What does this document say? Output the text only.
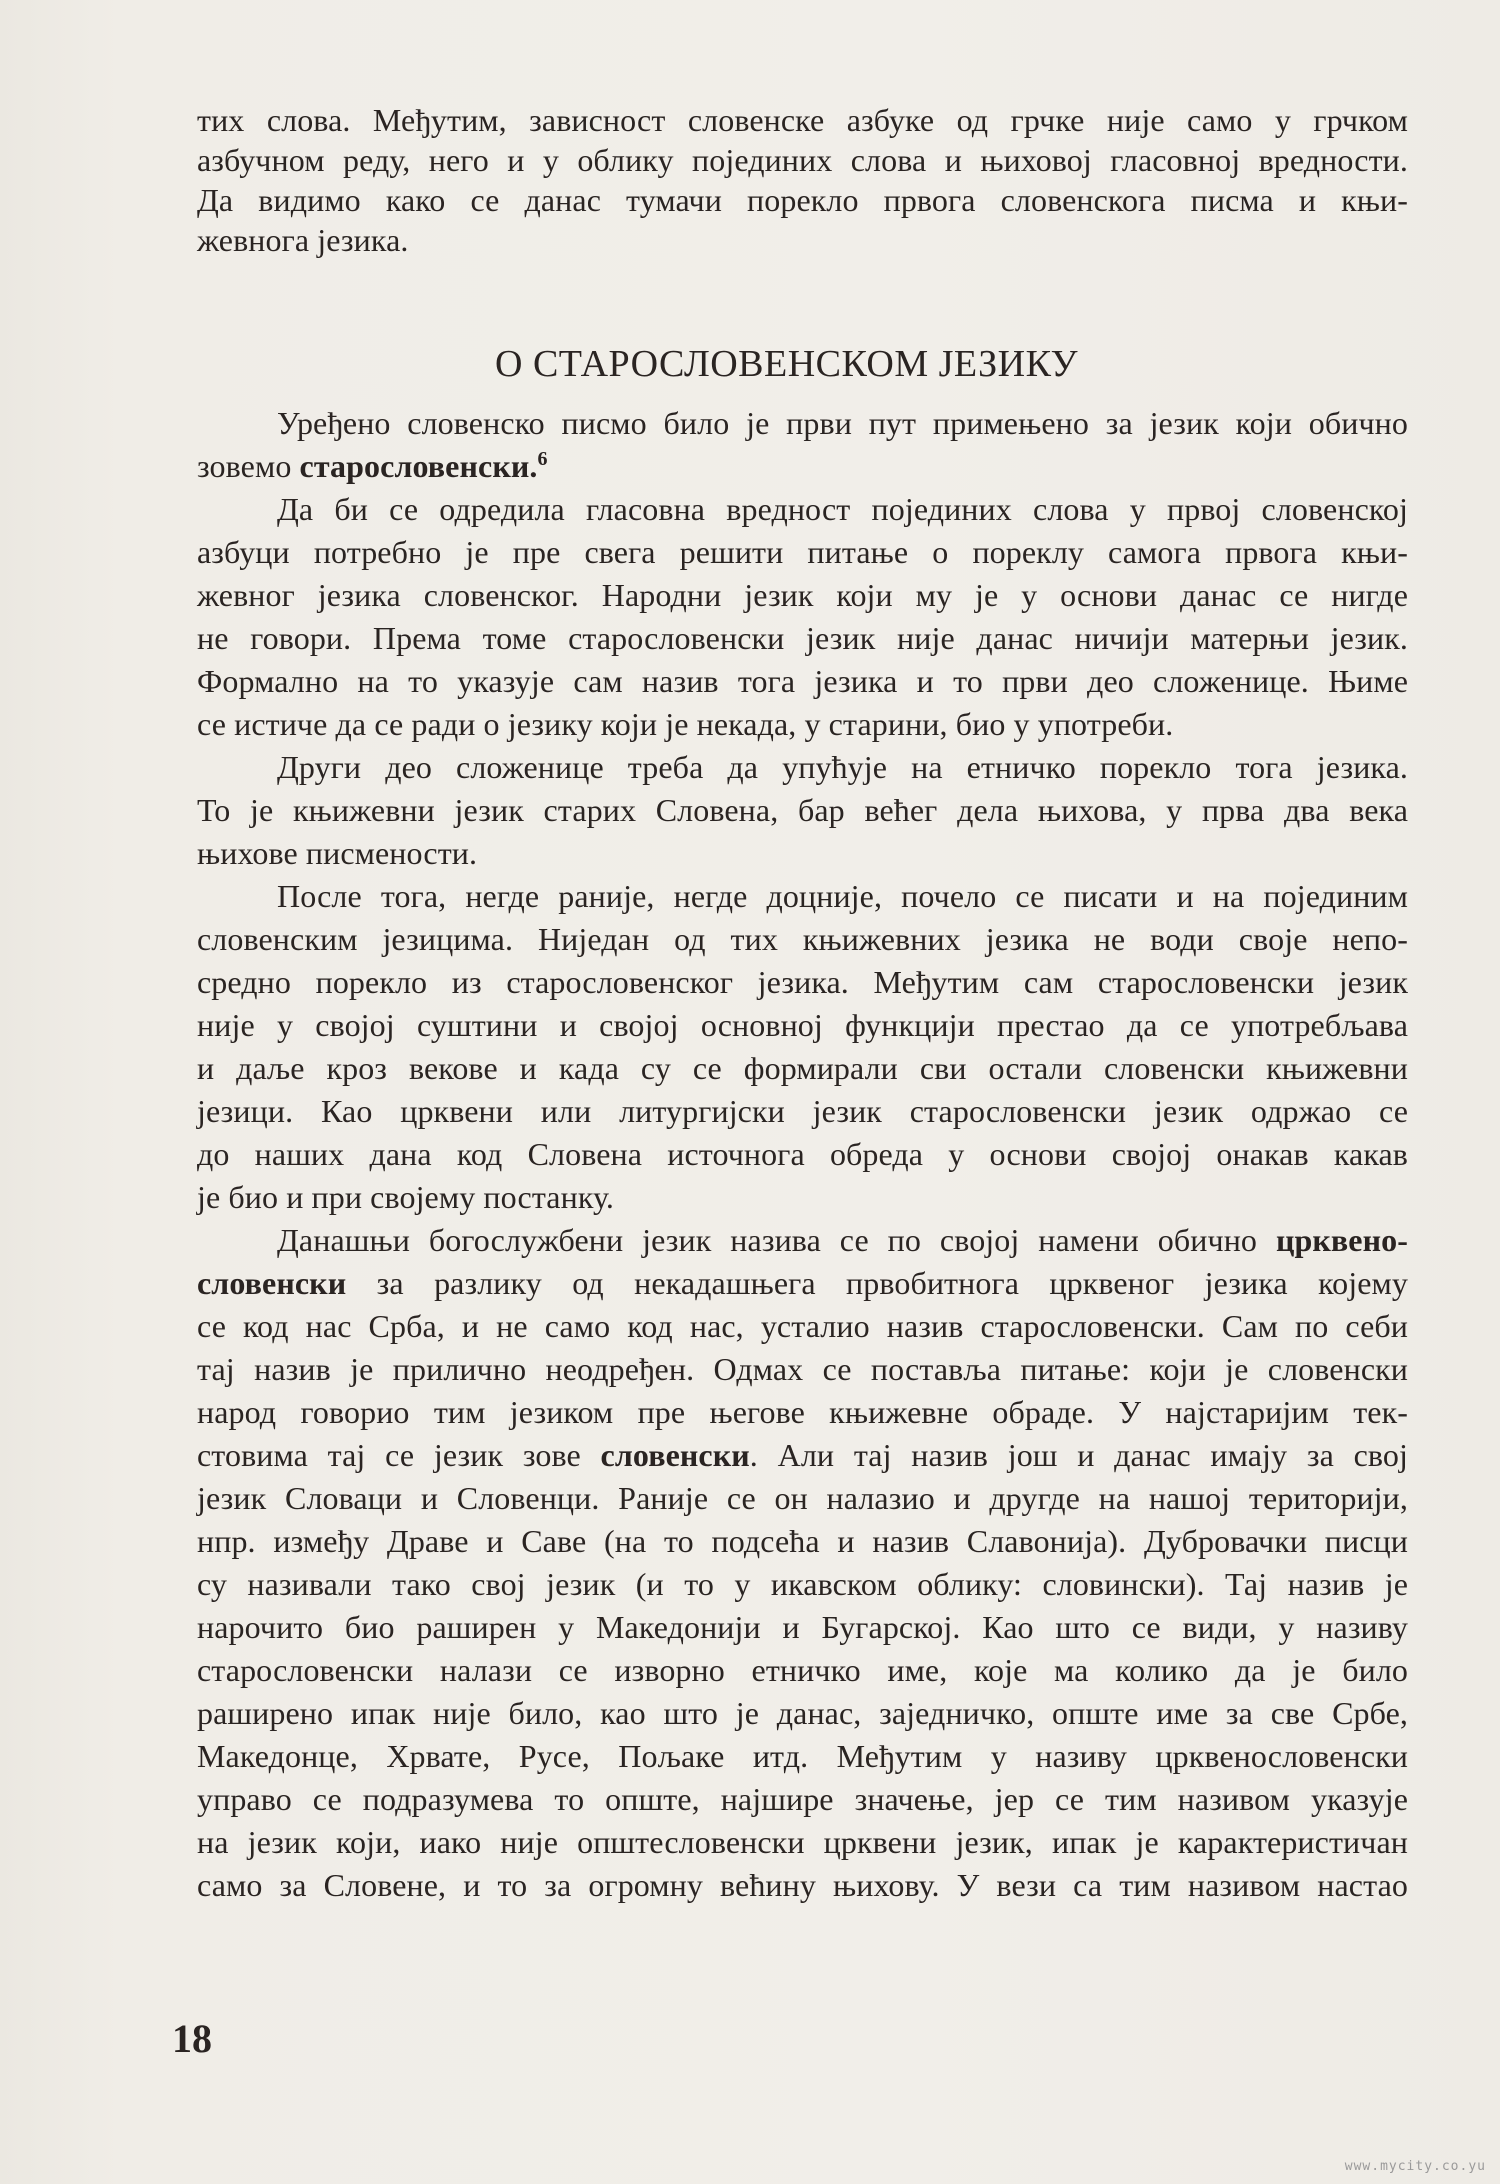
тих слова. Међутим, зависност словенске азбуке од грчке није само у грчком
азбучном реду, него и у облику појединих слова и њиховој гласовној вредности.
Да видимо како се данас тумачи порекло првога словенскога писма и књи-
жевнога језика.
О СТАРОСЛОВЕНСКОМ ЈЕЗИКУ
Уређено словенско писмо било је први пут примењено за језик који обично
зовемо старословенски.$^6$
Да би се одредила гласовна вредност појединих слова у првој словенској
азбуци потребно је пре свега решити питање о пореклу самога првога књи-
жевног језика словенског. Народни језик који му је у основи данас се нигде
не говори. Према томе старословенски језик није данас ничији матерњи језик.
Формално на то указује сам назив тога језика и то први део сложенице. Њиме
се истиче да се ради о језику који је некада, у старини, био у употреби.
Други део сложенице треба да упућује на етничко порекло тога језика.
То је књижевни језик старих Словена, бар већег дела њихова, у прва два века
њихове писмености.
После тога, негде раније, негде доцније, почело се писати и на појединим
словенским језицима. Ниједан од тих књижевних језика не води своје непо-
средно порекло из старословенског језика. Међутим сам старословенски језик
није у својој суштини и својој основној функцији престао да се употребљава
и даље кроз векове и када су се формирали сви остали словенски књижевни
језици. Као црквени или литургијски језик старословенски језик одржао се
до наших дана код Словена источнога обреда у основи својој онакав какав
је био и при својему постанку.
Данашњи богослужбени језик назива се по својој намени обично црквено-
словенски за разлику од некадашњега првобитнога црквеног језика којему
се код нас Срба, и не само код нас, усталио назив старословенски. Сам по себи
тај назив је прилично неодређен. Одмах се поставља питање: који је словенски
народ говорио тим језиком пре његове књижевне обраде. У најстаријим тек-
стовима тај се језик зове словенски. Али тај назив још и данас имају за свој
језик Словаци и Словенци. Раније се он налазио и другде на нашој територији,
нпр. између Драве и Саве (на то подсећа и назив Славонија). Дубровачки писци
су називали тако свој језик (и то у икавском облику: словински). Тај назив је
нарочито био раширен у Македонији и Бугарској. Као што се види, у називу
старословенски налази се изворно етничко име, које ма колико да је било
раширено ипак није било, као што је данас, заједничко, опште име за све Србе,
Македонце, Хрвате, Русе, Пољаке итд. Међутим у називу црквенословенски
управо се подразумева то опште, најшире значење, јер се тим називом указује
на језик који, иако није општесловенски црквени језик, ипак је карактеристичан
само за Словене, и то за огромну већину њихову. У вези са тим називом настао
18
www.mycity.co.yu
